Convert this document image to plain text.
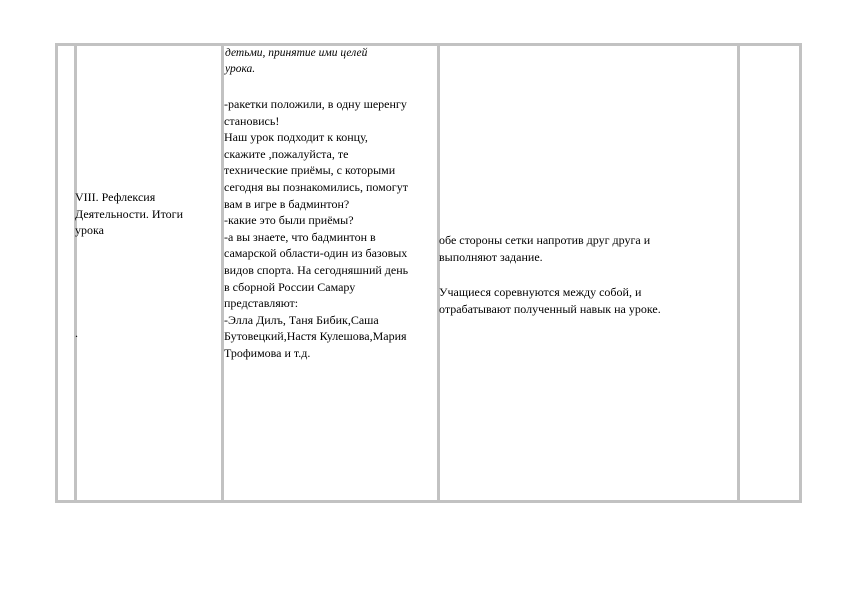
VIII. Рефлексия
Деятельности. Итоги
урока
.
детьми, принятие ими целей
урока.
-ракетки положили, в одну шеренгу
становись!
Наш урок подходит к концу,
скажите ,пожалуйста, те
технические приёмы, с которыми
сегодня вы познакомились, помогут
вам в игре в бадминтон?
-какие это были приёмы?
-а вы знаете, что бадминтон в
самарской области-один из базовых
видов спорта. На сегодняшний день
в сборной России Самару
представляют:
-Элла Дилъ, Таня Бибик,Саша
Бутовецкий,Настя Кулешова,Мария
Трофимова и т.д.
обе стороны сетки напротив друг друга и
выполняют задание.
Учащиеся соревнуются между собой, и
отрабатывают полученный навык на уроке.
